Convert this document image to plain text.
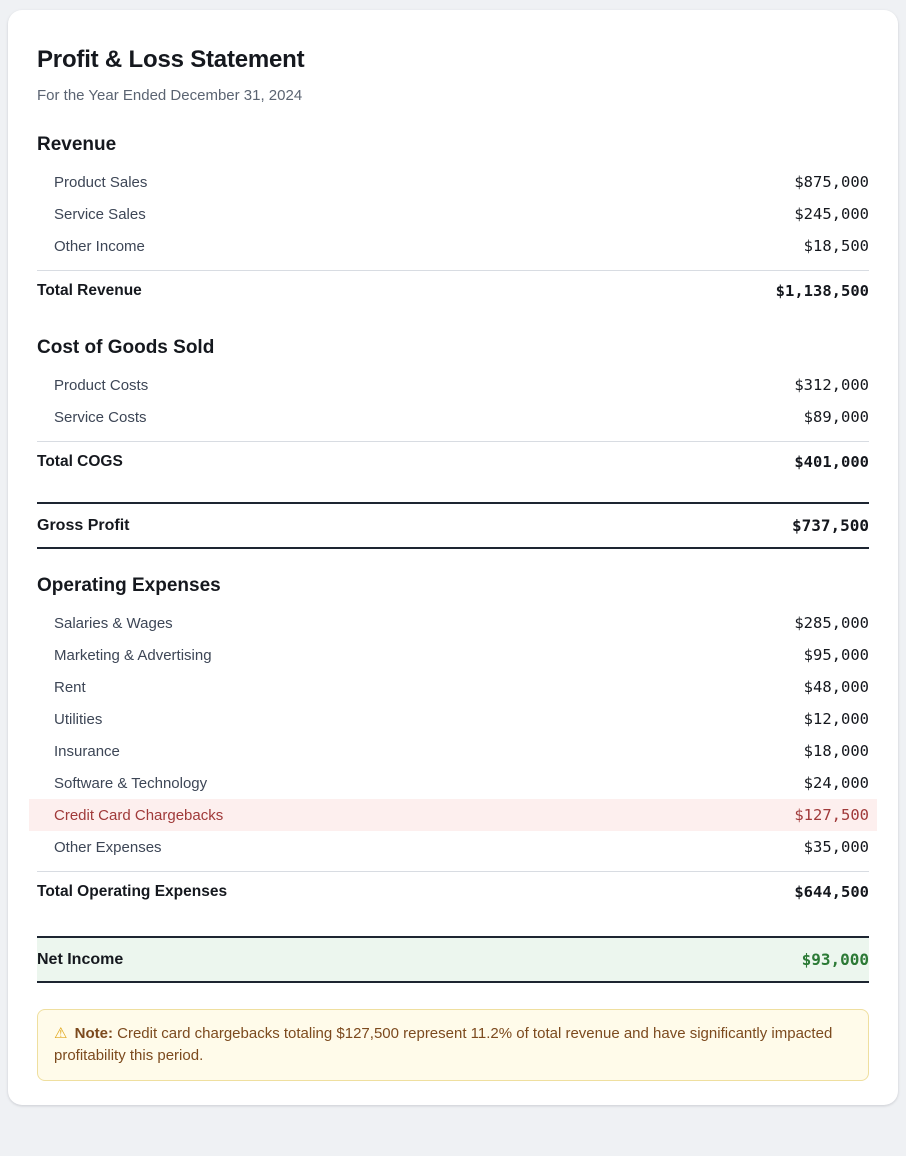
Profit & Loss Statement

For the Year Ended December 31, 2024

Revenue
Product Sales	$875,000
Service Sales	$245,000
Other Income	$18,500
Total Revenue	$1,138,500
Cost of Goods Sold
Product Costs	$312,000
Service Costs	$89,000
Total COGS	$401,000
Gross Profit	$737,500
Operating Expenses
Salaries & Wages	$285,000
Marketing & Advertising	$95,000
Rent	$48,000
Utilities	$12,000
Insurance	$18,000
Software & Technology	$24,000
Credit Card Chargebacks	$127,500
Other Expenses	$35,000
Total Operating Expenses	$644,500
Net Income	$93,000
⚠ Note: Credit card chargebacks totaling $127,500 represent 11.2% of total revenue and have significantly impacted profitability this period.
